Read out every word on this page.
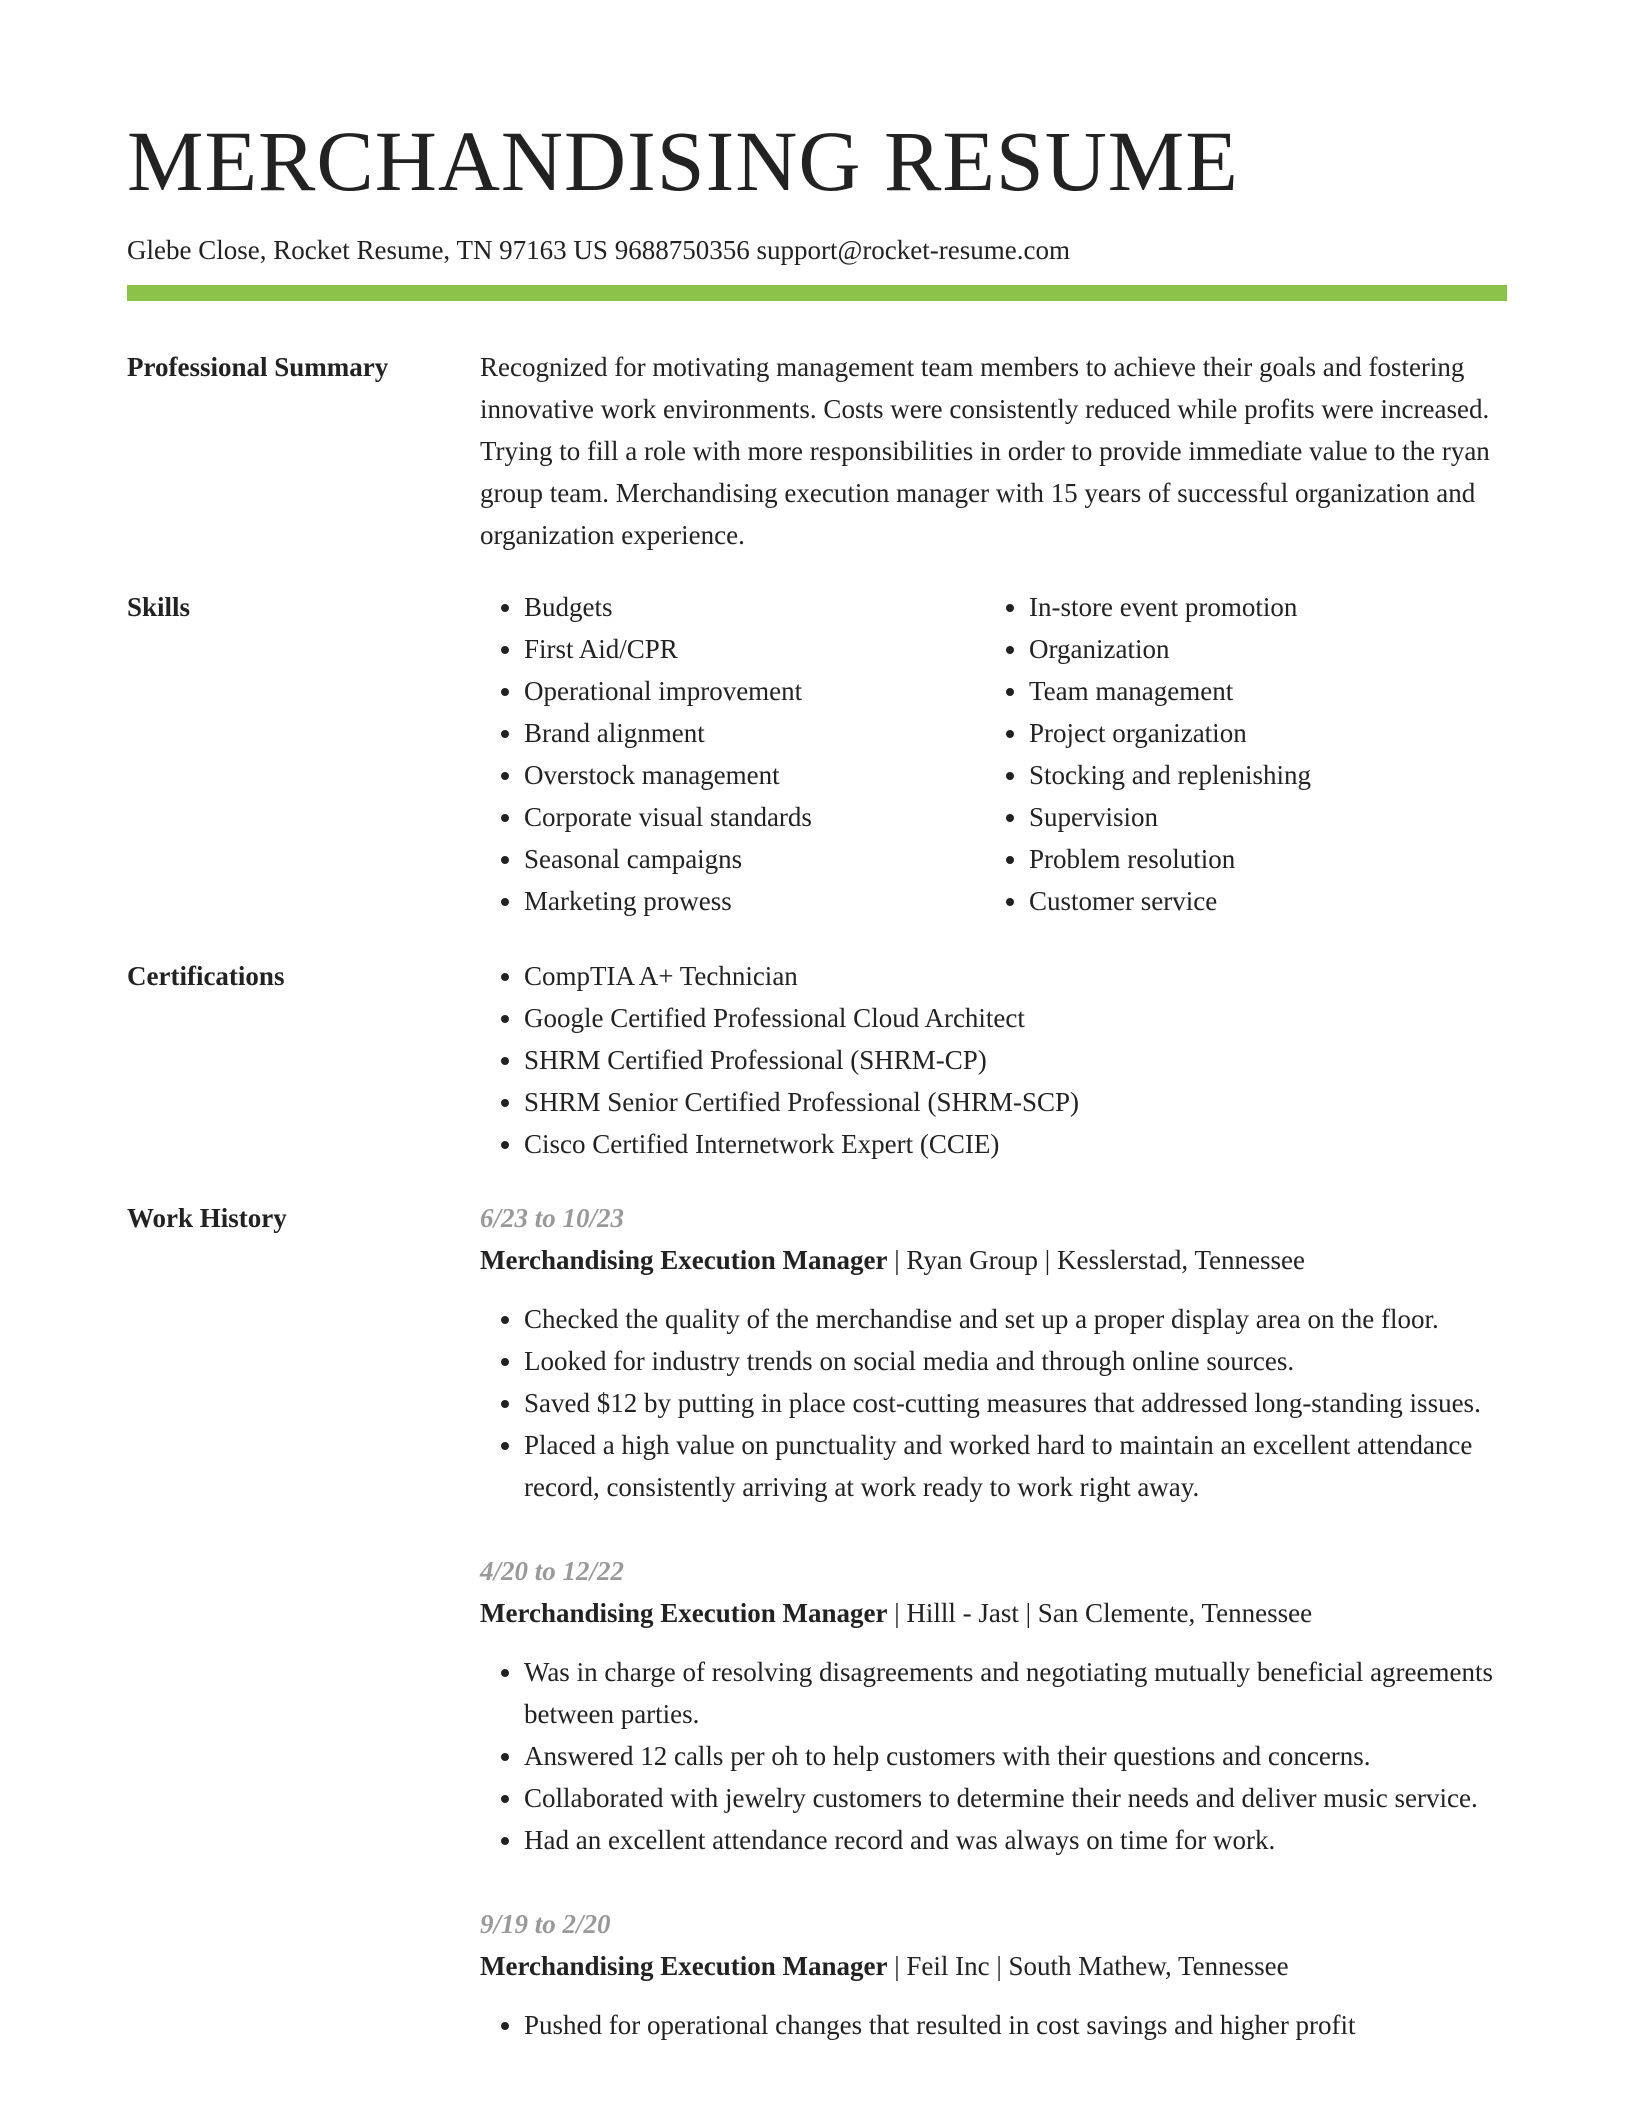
MERCHANDISING RESUME
Glebe Close, Rocket Resume, TN 97163 US 9688750356 support@rocket-resume.com
Professional Summary	Recognized for motivating management team members to achieve their goals and fostering innovative work environments. Costs were consistently reduced while profits were increased. Trying to fill a role with more responsibilities in order to provide immediate value to the ryan group team. Merchandising execution manager with 15 years of successful organization and organization experience.

Skills	• Budgets
• First Aid/CPR
• Operational improvement
• Brand alignment
• Overstock management
• Corporate visual standards
• Seasonal campaigns
• Marketing prowess
• In-store event promotion
• Organization
• Team management
• Project organization
• Stocking and replenishing
• Supervision
• Problem resolution
• Customer service
Certifications	• CompTIA A+ Technician
• Google Certified Professional Cloud Architect
• SHRM Certified Professional (SHRM-CP)
• SHRM Senior Certified Professional (SHRM-SCP)
• Cisco Certified Internetwork Expert (CCIE)
Work History	6/23 to 10/23
Merchandising Execution Manager | Ryan Group | Kesslerstad, Tennessee
• Checked the quality of the merchandise and set up a proper display area on the floor.
• Looked for industry trends on social media and through online sources.
• Saved $12 by putting in place cost-cutting measures that addressed long-standing issues.
• Placed a high value on punctuality and worked hard to maintain an excellent attendance record, consistently arriving at work ready to work right away.
4/20 to 12/22
Merchandising Execution Manager | Hilll - Jast | San Clemente, Tennessee
• Was in charge of resolving disagreements and negotiating mutually beneficial agreements between parties.
• Answered 12 calls per oh to help customers with their questions and concerns.
• Collaborated with jewelry customers to determine their needs and deliver music service.
• Had an excellent attendance record and was always on time for work.
9/19 to 2/20
Merchandising Execution Manager | Feil Inc | South Mathew, Tennessee
• Pushed for operational changes that resulted in cost savings and higher profit
